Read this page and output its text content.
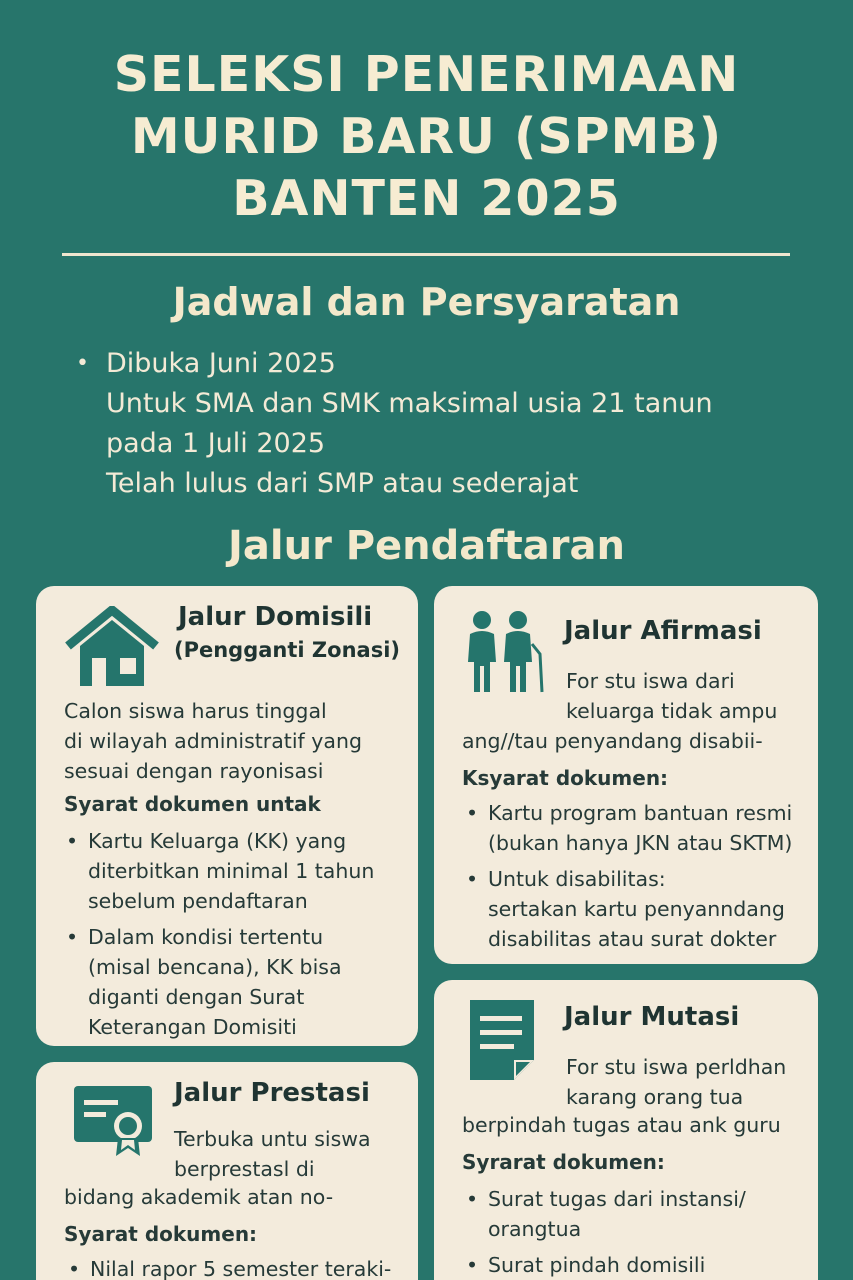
SELEKSI PENERIMAAN
MURID BARU (SPMB)
BANTEN 2025
Jadwal dan Persyaratan
• Dibuka Juni 2025
Untuk SMA dan SMK maksimal usia 21 tanun
pada 1 Juli 2025
Telah lulus dari SMP atau sederajat
Jalur Pendaftaran
Jalur Domisili
(Pengganti Zonasi)
Calon siswa harus tinggal
di wilayah administratif yang
sesuai dengan rayonisasi
Syarat dokumen untak
• Kartu Keluarga (KK) yang
diterbitkan minimal 1 tahun
sebelum pendaftaran
• Dalam kondisi tertentu
(misal bencana), KK bisa
diganti dengan Surat
Keterangan Domisiti
Jalur Afirmasi
For stu iswa dari
keluarga tidak ampu
ang//tau penyandang disabii-
Ksyarat dokumen:
• Kartu program bantuan resmi
(bukan hanya JKN atau SKTM)
• Untuk disabilitas:
sertakan kartu penyanndang
disabilitas atau surat dokter
Jalur Prestasi
Terbuka untu siswa
berprestasl di
bidang akademik atan no-
Syarat dokumen:
• Nilal rapor 5 semester teraki-
Jalur Mutasi
For stu iswa perldhan
karang orang tua
berpindah tugas atau ank guru
Syrarat dokumen:
• Surat tugas dari instansi/
orangtua
• Surat pindah domisili
